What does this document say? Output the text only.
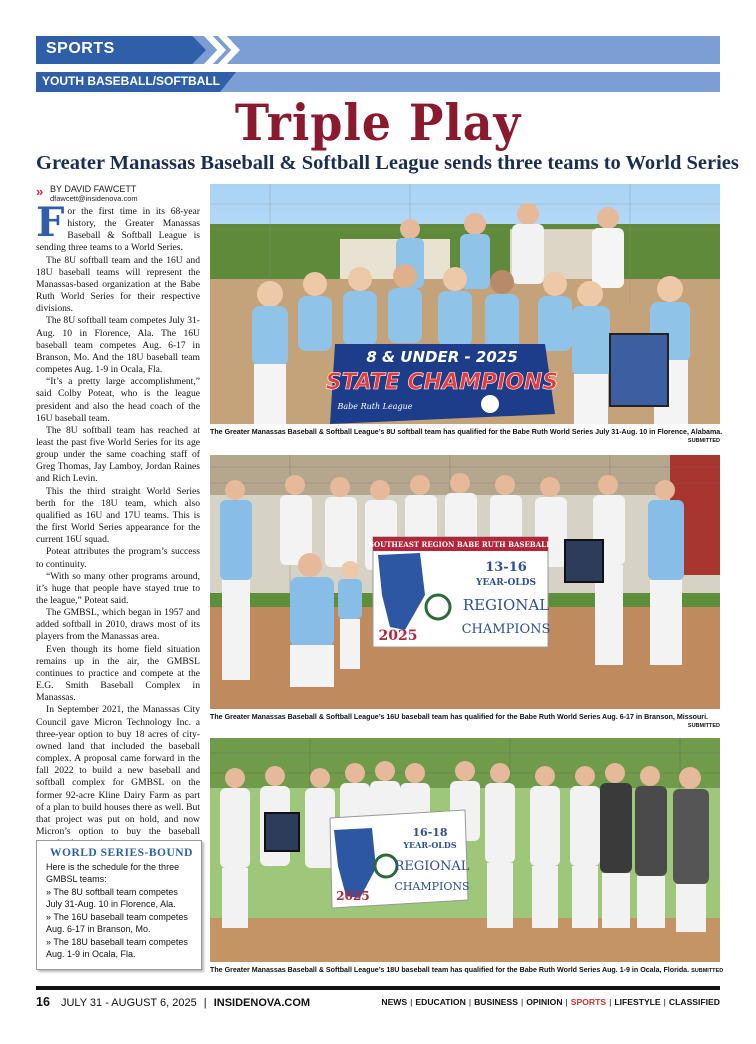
SPORTS
YOUTH BASEBALL/SOFTBALL
Triple Play
Greater Manassas Baseball & Softball League sends three teams to World Series
» BY DAVID FAWCETT
dfawcett@insidenova.com

For the first time in its 68-year history, the Greater Manassas Baseball & Softball League is sending three teams to a World Series.

The 8U softball team and the 16U and 18U baseball teams will represent the Manassas-based organization at the Babe Ruth World Series for their respective divisions.

The 8U softball team competes July 31-Aug. 10 in Florence, Ala. The 16U baseball team competes Aug. 6-17 in Branson, Mo. And the 18U baseball team competes Aug. 1-9 in Ocala, Fla.

“It’s a pretty large accomplishment,” said Colby Poteat, who is the league president and also the head coach of the 16U baseball team.

The 8U softball team has reached at least the past five World Series for its age group under the same coaching staff of Greg Thomas, Jay Lamboy, Jordan Raines and Rich Levin.

This the third straight World Series berth for the 18U team, which also qualified as 16U and 17U teams. This is the first World Series appearance for the current 16U squad.

Poteat attributes the program’s success to continuity.

“With so many other programs around, it’s huge that people have stayed true to the league,” Poteat said.

The GMBSL, which began in 1957 and added softball in 2010, draws most of its players from the Manassas area.

Even though its home field situation remains up in the air, the GMBSL continues to practice and compete at the E.G. Smith Baseball Complex in Manassas.

In September 2021, the Manassas City Council gave Micron Technology Inc. a three-year option to buy 18 acres of city-owned land that included the baseball complex. A proposal came forward in the fall 2022 to build a new baseball and softball complex for GMBSL on the former 92-acre Kline Dairy Farm as part of a plan to build houses there as well. But that project was put on hold, and now Micron’s option to buy the baseball

WORLD SERIES-BOUND
Here is the schedule for the three GMBSL teams:
» The 8U softball team competes July 31-Aug. 10 in Florence, Ala.
» The 16U baseball team competes Aug. 6-17 in Branson, Mo.
» The 18U baseball team competes Aug. 1-9 in Ocala, Fla.
8 & UNDER - 2025
STATE CHAMPIONS
Babe Ruth League
The Greater Manassas Baseball & Softball League’s 8U softball team has qualified for the Babe Ruth World Series July 31-Aug. 10 in Florence, Alabama.
SUBMITTED
SOUTHEAST REGION BABE RUTH BASEBALL
13-16
YEAR-OLDS
REGIONAL
CHAMPIONS
2025
The Greater Manassas Baseball & Softball League’s 16U baseball team has qualified for the Babe Ruth World Series Aug. 6-17 in Branson, Missouri.
SUBMITTED
16-18
YEAR-OLDS
REGIONAL
CHAMPIONS
2025
The Greater Manassas Baseball & Softball League’s 18U baseball team has qualified for the Babe Ruth World Series Aug. 1-9 in Ocala, Florida. SUBMITTED
16 JULY 31 - AUGUST 6, 2025 | INSIDENOVA.COM	NEWS | EDUCATION | BUSINESS | OPINION | SPORTS | LIFESTYLE | CLASSIFIED
